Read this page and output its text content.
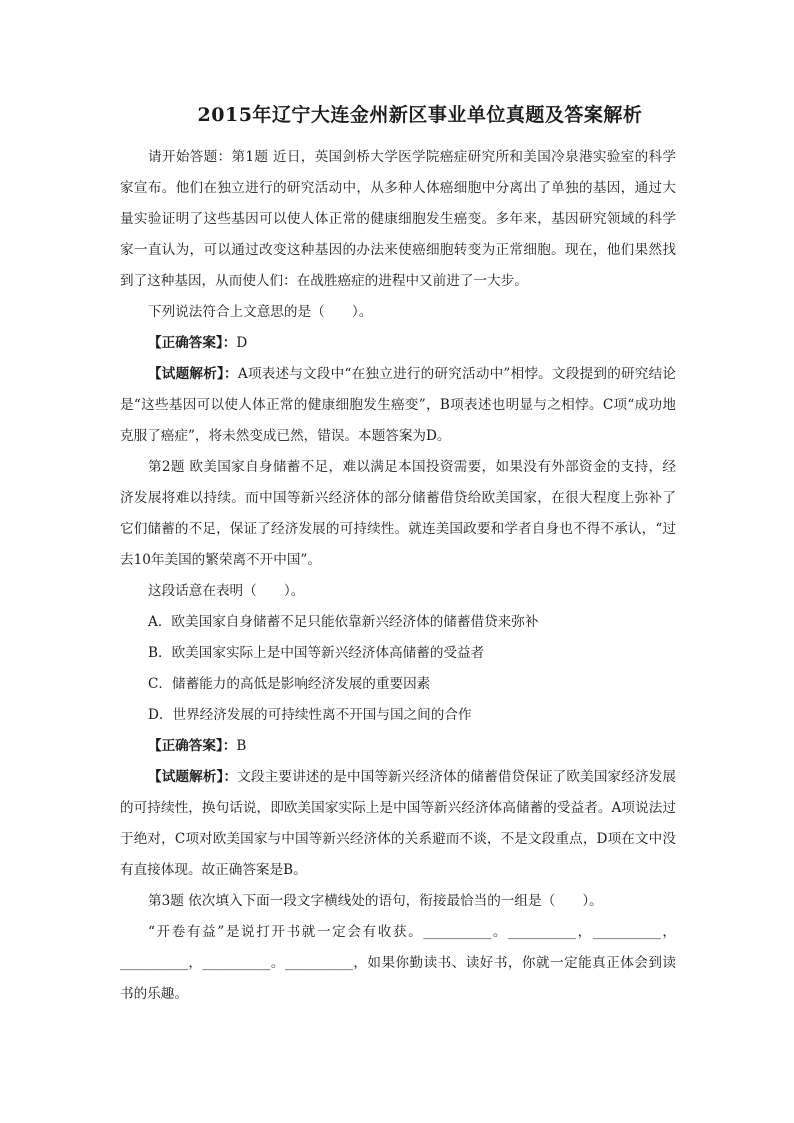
2015年辽宁大连金州新区事业单位真题及答案解析

请开始答题：第1题 近日，英国剑桥大学医学院癌症研究所和美国冷泉港实验室的科学家宣布。他们在独立进行的研究活动中，从多种人体癌细胞中分离出了单独的基因，通过大量实验证明了这些基因可以使人体正常的健康细胞发生癌变。多年来，基因研究领域的科学家一直认为，可以通过改变这种基因的办法来使癌细胞转变为正常细胞。现在，他们果然找到了这种基因，从而使人们：在战胜癌症的进程中又前进了一大步。

下列说法符合上文意思的是（　　）。

【正确答案】：D

【试题解析】：A项表述与文段中“在独立进行的研究活动中”相悖。文段提到的研究结论是“这些基因可以使人体正常的健康细胞发生癌变”，B项表述也明显与之相悖。C项“成功地克服了癌症”，将未然变成已然，错误。本题答案为D。

第2题 欧美国家自身储蓄不足，难以满足本国投资需要，如果没有外部资金的支持，经济发展将难以持续。而中国等新兴经济体的部分储蓄借贷给欧美国家，在很大程度上弥补了它们储蓄的不足，保证了经济发展的可持续性。就连美国政要和学者自身也不得不承认，“过去10年美国的繁荣离不开中国”。

这段话意在表明（　　）。

A．欧美国家自身储蓄不足只能依靠新兴经济体的储蓄借贷来弥补

B．欧美国家实际上是中国等新兴经济体高储蓄的受益者

C．储蓄能力的高低是影响经济发展的重要因素

D．世界经济发展的可持续性离不开国与国之间的合作

【正确答案】：B

【试题解析】：文段主要讲述的是中国等新兴经济体的储蓄借贷保证了欧美国家经济发展的可持续性，换句话说，即欧美国家实际上是中国等新兴经济体高储蓄的受益者。A项说法过于绝对，C项对欧美国家与中国等新兴经济体的关系避而不谈，不是文段重点，D项在文中没有直接体现。故正确答案是B。

第3题 依次填入下面一段文字横线处的语句，衔接最恰当的一组是（　　）。

“开卷有益”是说打开书就一定会有收获。__________。__________，__________，__________，__________。__________，如果你勤读书、读好书，你就一定能真正体会到读书的乐趣。
